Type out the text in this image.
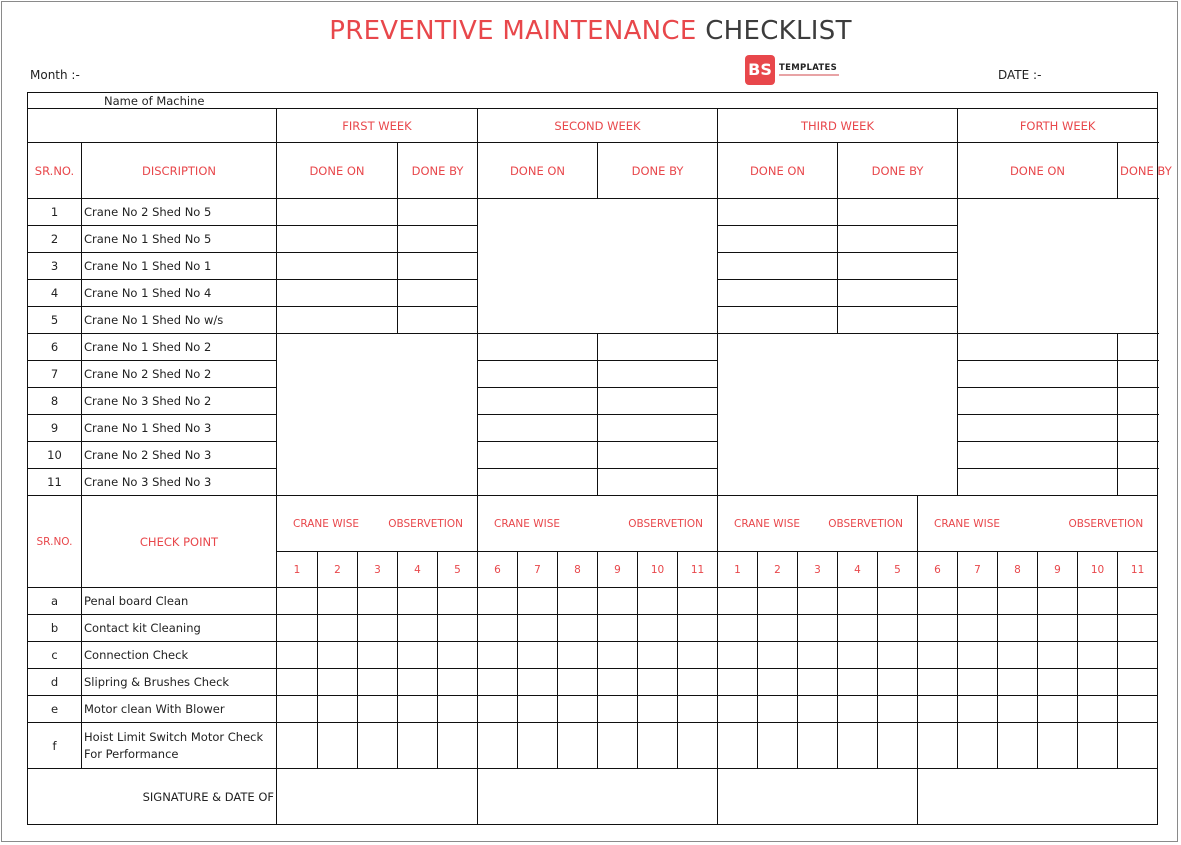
PREVENTIVE MAINTENANCE CHECKLIST
Month :-	DATE :-
BS TEMPLATES
Name of Machine																							
		FIRST WEEK					SECOND WEEK						THIRD WEEK						FORTH WEEK				
SR.NO.	DISCRIPTION	DONE ON			DONE BY		DONE ON			DONE BY			DONE ON			DONE BY			DONE ON				DONE BY
1	Crane No 2 Shed No 5																						
2	Crane No 1 Shed No 5																						
3	Crane No 1 Shed No 1																						
4	Crane No 1 Shed No 4																						
5	Crane No 1 Shed No w/s																						
6	Crane No 1 Shed No 2																						
7	Crane No 2 Shed No 2																						
8	Crane No 3 Shed No 2																						
9	Crane No 1 Shed No 3																						
10	Crane No 2 Shed No 3																						
11	Crane No 3 Shed No 3																						
SR.NO.	CHECK POINT	CRANE WISE OBSERVETION					CRANE WISE OBSERVETION						CRANE WISE OBSERVETION					CRANE WISE OBSERVETION					

		1	2	3	4	5	6	7	8	9	10	11	1	2	3	4	5	6	7	8	9	10	11
a	Penal board Clean																						

b	Contact kit Cleaning																						

c	Connection Check																						

d	Slipring & Brushes Check																						

e	Motor clean With Blower																						

f	Hoist Limit Switch Motor Check
For Performance																						

SIGNATURE & DATE OF																							
